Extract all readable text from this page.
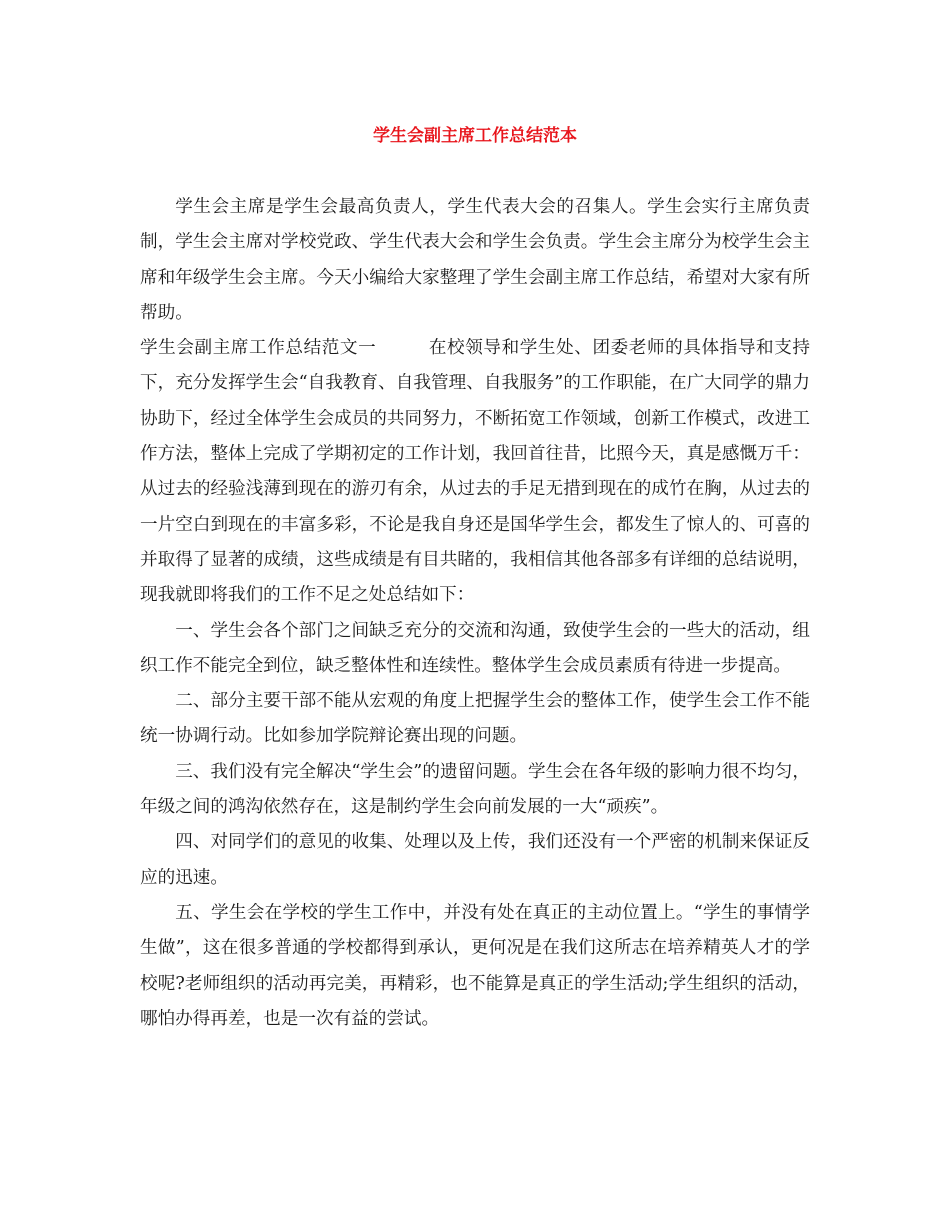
学生会副主席工作总结范本

学生会主席是学生会最高负责人，学生代表大会的召集人。学生会实行主席负责制，学生会主席对学校党政、学生代表大会和学生会负责。学生会主席分为校学生会主席和年级学生会主席。今天小编给大家整理了学生会副主席工作总结，希望对大家有所帮助。

学生会副主席工作总结范文一	在校领导和学生处、团委老师的具体指导和支持下，充分发挥学生会“自我教育、自我管理、自我服务”的工作职能，在广大同学的鼎力协助下，经过全体学生会成员的共同努力，不断拓宽工作领域，创新工作模式，改进工作方法，整体上完成了学期初定的工作计划，我回首往昔，比照今天，真是感慨万千：从过去的经验浅薄到现在的游刃有余，从过去的手足无措到现在的成竹在胸，从过去的一片空白到现在的丰富多彩，不论是我自身还是国华学生会，都发生了惊人的、可喜的并取得了显著的成绩，这些成绩是有目共睹的，我相信其他各部多有详细的总结说明，现我就即将我们的工作不足之处总结如下：

一、学生会各个部门之间缺乏充分的交流和沟通，致使学生会的一些大的活动，组织工作不能完全到位，缺乏整体性和连续性。整体学生会成员素质有待进一步提高。

二、部分主要干部不能从宏观的角度上把握学生会的整体工作，使学生会工作不能统一协调行动。比如参加学院辩论赛出现的问题。

三、我们没有完全解决“学生会”的遗留问题。学生会在各年级的影响力很不均匀，年级之间的鸿沟依然存在，这是制约学生会向前发展的一大“顽疾”。

四、对同学们的意见的收集、处理以及上传，我们还没有一个严密的机制来保证反应的迅速。

五、学生会在学校的学生工作中，并没有处在真正的主动位置上。“学生的事情学生做”，这在很多普通的学校都得到承认，更何况是在我们这所志在培养精英人才的学校呢?老师组织的活动再完美，再精彩，也不能算是真正的学生活动;学生组织的活动，哪怕办得再差，也是一次有益的尝试。
